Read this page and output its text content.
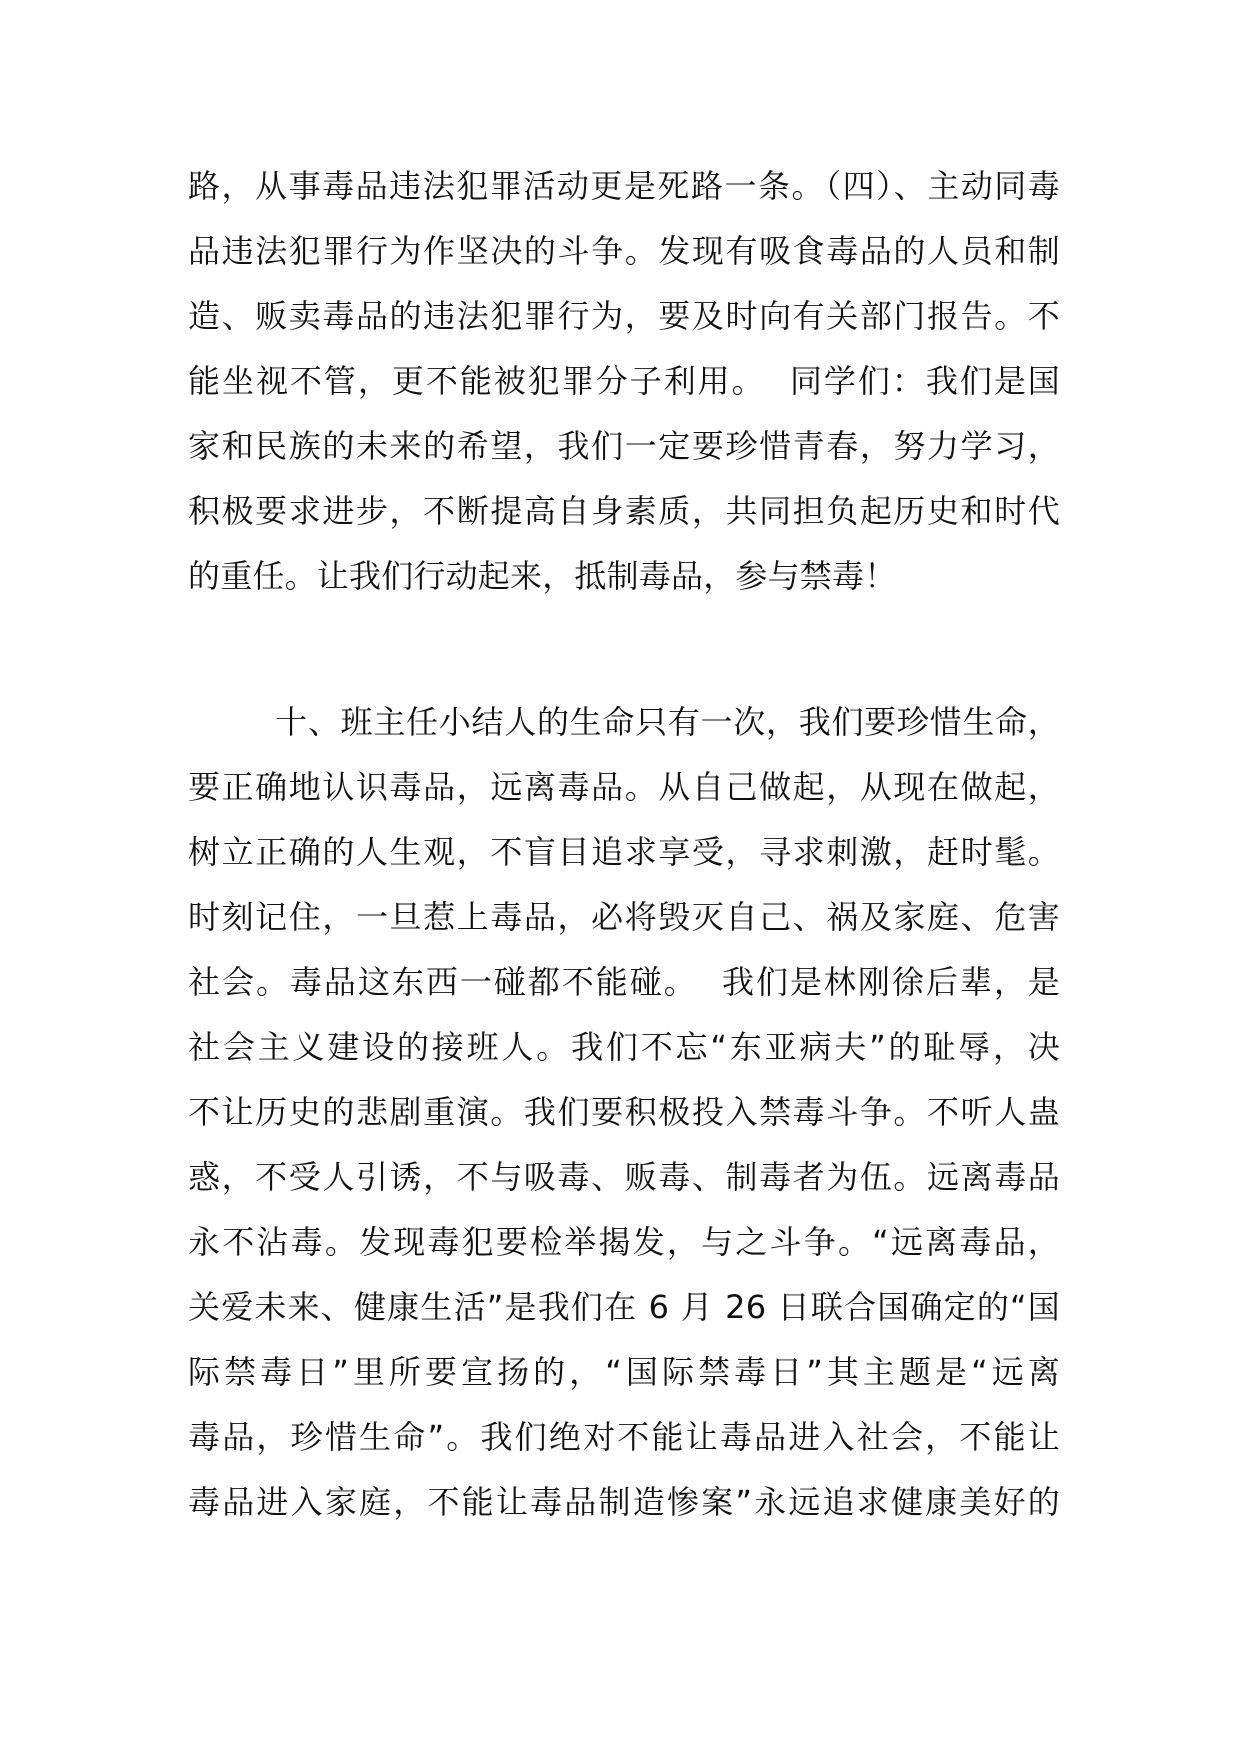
路，从事毒品违法犯罪活动更是死路一条。（四）、主动同毒
品违法犯罪行为作坚决的斗争。发现有吸食毒品的人员和制
造、贩卖毒品的违法犯罪行为，要及时向有关部门报告。不
能坐视不管，更不能被犯罪分子利用。  同学们：我们是国
家和民族的未来的希望，我们一定要珍惜青春，努力学习，
积极要求进步，不断提高自身素质，共同担负起历史和时代
的重任。让我们行动起来，抵制毒品，参与禁毒！
十、班主任小结人的生命只有一次，我们要珍惜生命，
要正确地认识毒品，远离毒品。从自己做起，从现在做起，
树立正确的人生观，不盲目追求享受，寻求刺激，赶时髦。
时刻记住，一旦惹上毒品，必将毁灭自己、祸及家庭、危害
社会。毒品这东西一碰都不能碰。  我们是林刚徐后辈，是
社会主义建设的接班人。我们不忘“东亚病夫”的耻辱，决
不让历史的悲剧重演。我们要积极投入禁毒斗争。不听人蛊
惑，不受人引诱，不与吸毒、贩毒、制毒者为伍。远离毒品
永不沾毒。发现毒犯要检举揭发，与之斗争。“远离毒品，
关爱未来、健康生活”是我们在 6 月 26 日联合国确定的“国
际禁毒日”里所要宣扬的，“国际禁毒日”其主题是“远离
毒品，珍惜生命”。我们绝对不能让毒品进入社会，不能让
毒品进入家庭，不能让毒品制造惨案”永远追求健康美好的
